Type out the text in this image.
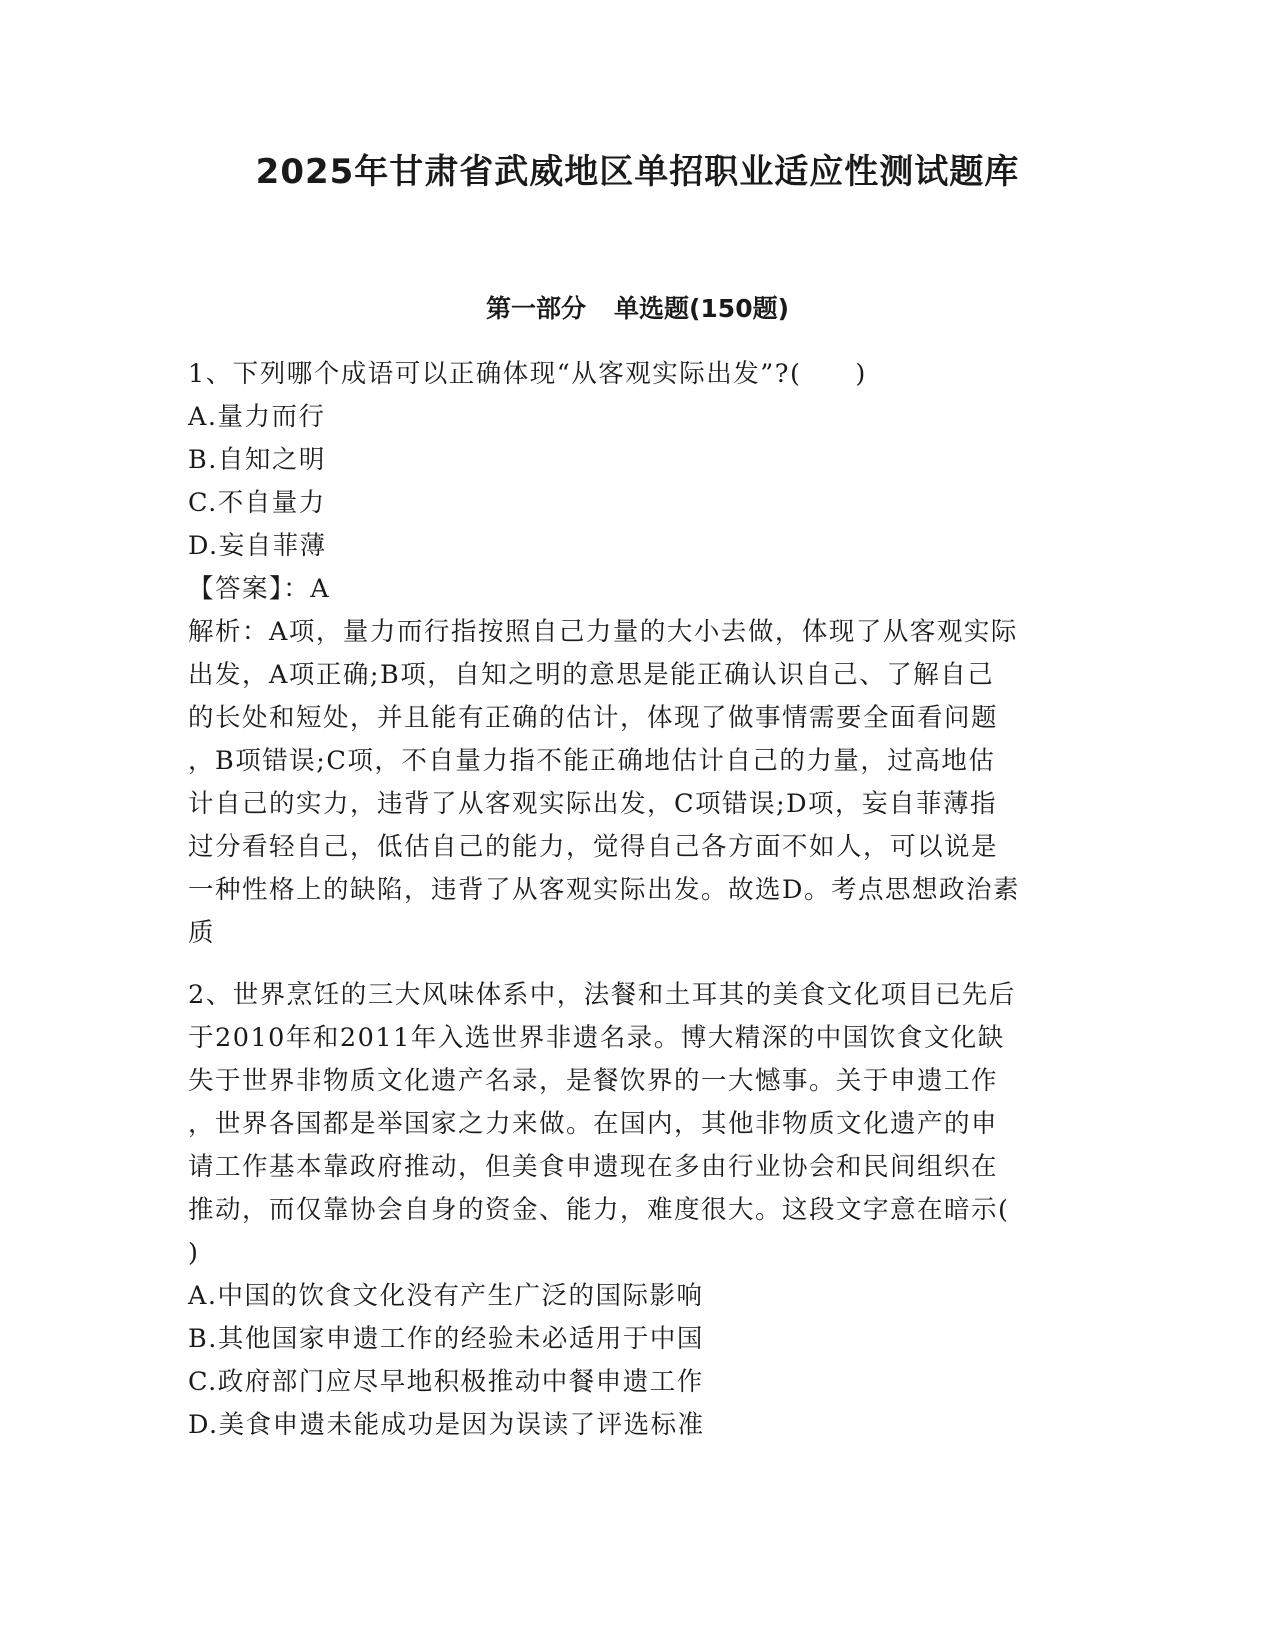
2025年甘肃省武威地区单招职业适应性测试题库
第一部分 单选题(150题)
1、下列哪个成语可以正确体现“从客观实际出发”?(　　)
A.量力而行
B.自知之明
C.不自量力
D.妄自菲薄
【答案】：A
解析：A项，量力而行指按照自己力量的大小去做，体现了从客观实际
出发，A项正确;B项，自知之明的意思是能正确认识自己、了解自己
的长处和短处，并且能有正确的估计，体现了做事情需要全面看问题
，B项错误;C项，不自量力指不能正确地估计自己的力量，过高地估
计自己的实力，违背了从客观实际出发，C项错误;D项，妄自菲薄指
过分看轻自己，低估自己的能力，觉得自己各方面不如人，可以说是
一种性格上的缺陷，违背了从客观实际出发。故选D。考点思想政治素
质
2、世界烹饪的三大风味体系中，法餐和土耳其的美食文化项目已先后
于2010年和2011年入选世界非遗名录。博大精深的中国饮食文化缺
失于世界非物质文化遗产名录，是餐饮界的一大憾事。关于申遗工作
，世界各国都是举国家之力来做。在国内，其他非物质文化遗产的申
请工作基本靠政府推动，但美食申遗现在多由行业协会和民间组织在
推动，而仅靠协会自身的资金、能力，难度很大。这段文字意在暗示(
)
A.中国的饮食文化没有产生广泛的国际影响
B.其他国家申遗工作的经验未必适用于中国
C.政府部门应尽早地积极推动中餐申遗工作
D.美食申遗未能成功是因为误读了评选标准
